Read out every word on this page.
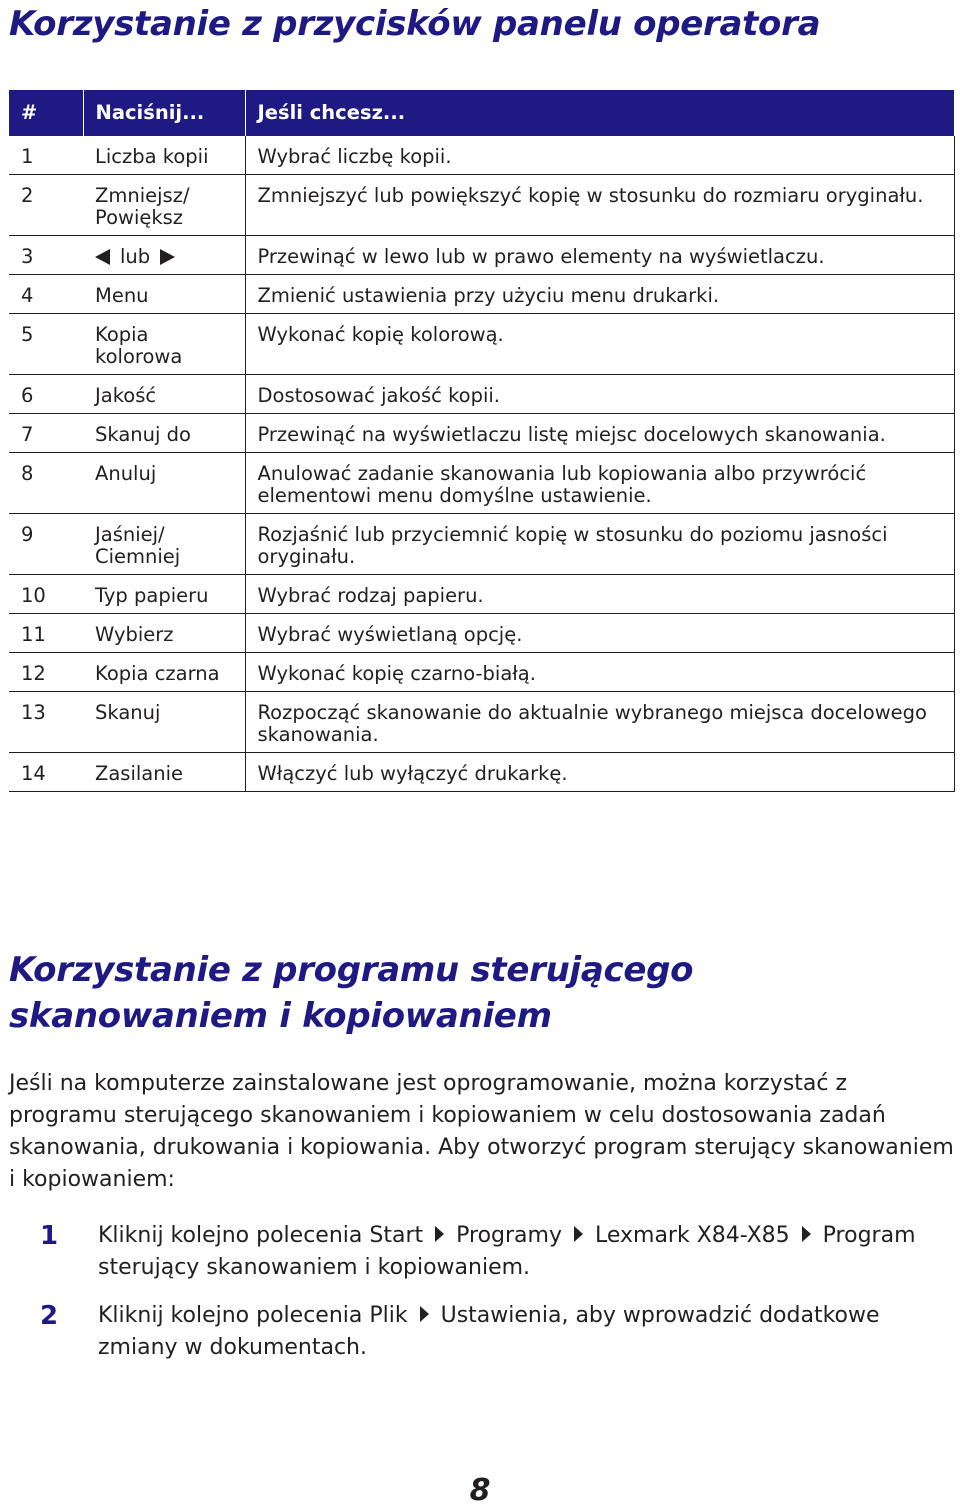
Korzystanie z przycisków panelu operatora
#	Naciśnij...	Jeśli chcesz...
1	Liczba kopii	Wybrać liczbę kopii.
2	Zmniejsz/ Powiększ	Zmniejszyć lub powiększyć kopię w stosunku do rozmiaru oryginału.
3	lub	Przewinąć w lewo lub w prawo elementy na wyświetlaczu.
4	Menu	Zmienić ustawienia przy użyciu menu drukarki.
5	Kopia kolorowa	Wykonać kopię kolorową.
6	Jakość	Dostosować jakość kopii.
7	Skanuj do	Przewinąć na wyświetlaczu listę miejsc docelowych skanowania.
8	Anuluj	Anulować zadanie skanowania lub kopiowania albo przywrócić elementowi menu domyślne ustawienie.
9	Jaśniej/ Ciemniej	Rozjaśnić lub przyciemnić kopię w stosunku do poziomu jasności oryginału.
10	Typ papieru	Wybrać rodzaj papieru.
11	Wybierz	Wybrać wyświetlaną opcję.
12	Kopia czarna	Wykonać kopię czarno-białą.
13	Skanuj	Rozpocząć skanowanie do aktualnie wybranego miejsca docelowego skanowania.
14	Zasilanie	Włączyć lub wyłączyć drukarkę.
Korzystanie z programu sterującego skanowaniem i kopiowaniem

Jeśli na komputerze zainstalowane jest oprogramowanie, można korzystać z programu sterującego skanowaniem i kopiowaniem w celu dostosowania zadań skanowania, drukowania i kopiowania. Aby otworzyć program sterujący skanowaniem i kopiowaniem:

1 Kliknij kolejno polecenia Start Programy Lexmark X84-X85 Program sterujący skanowaniem i kopiowaniem.
2 Kliknij kolejno polecenia Plik Ustawienia, aby wprowadzić dodatkowe zmiany w dokumentach.
8
